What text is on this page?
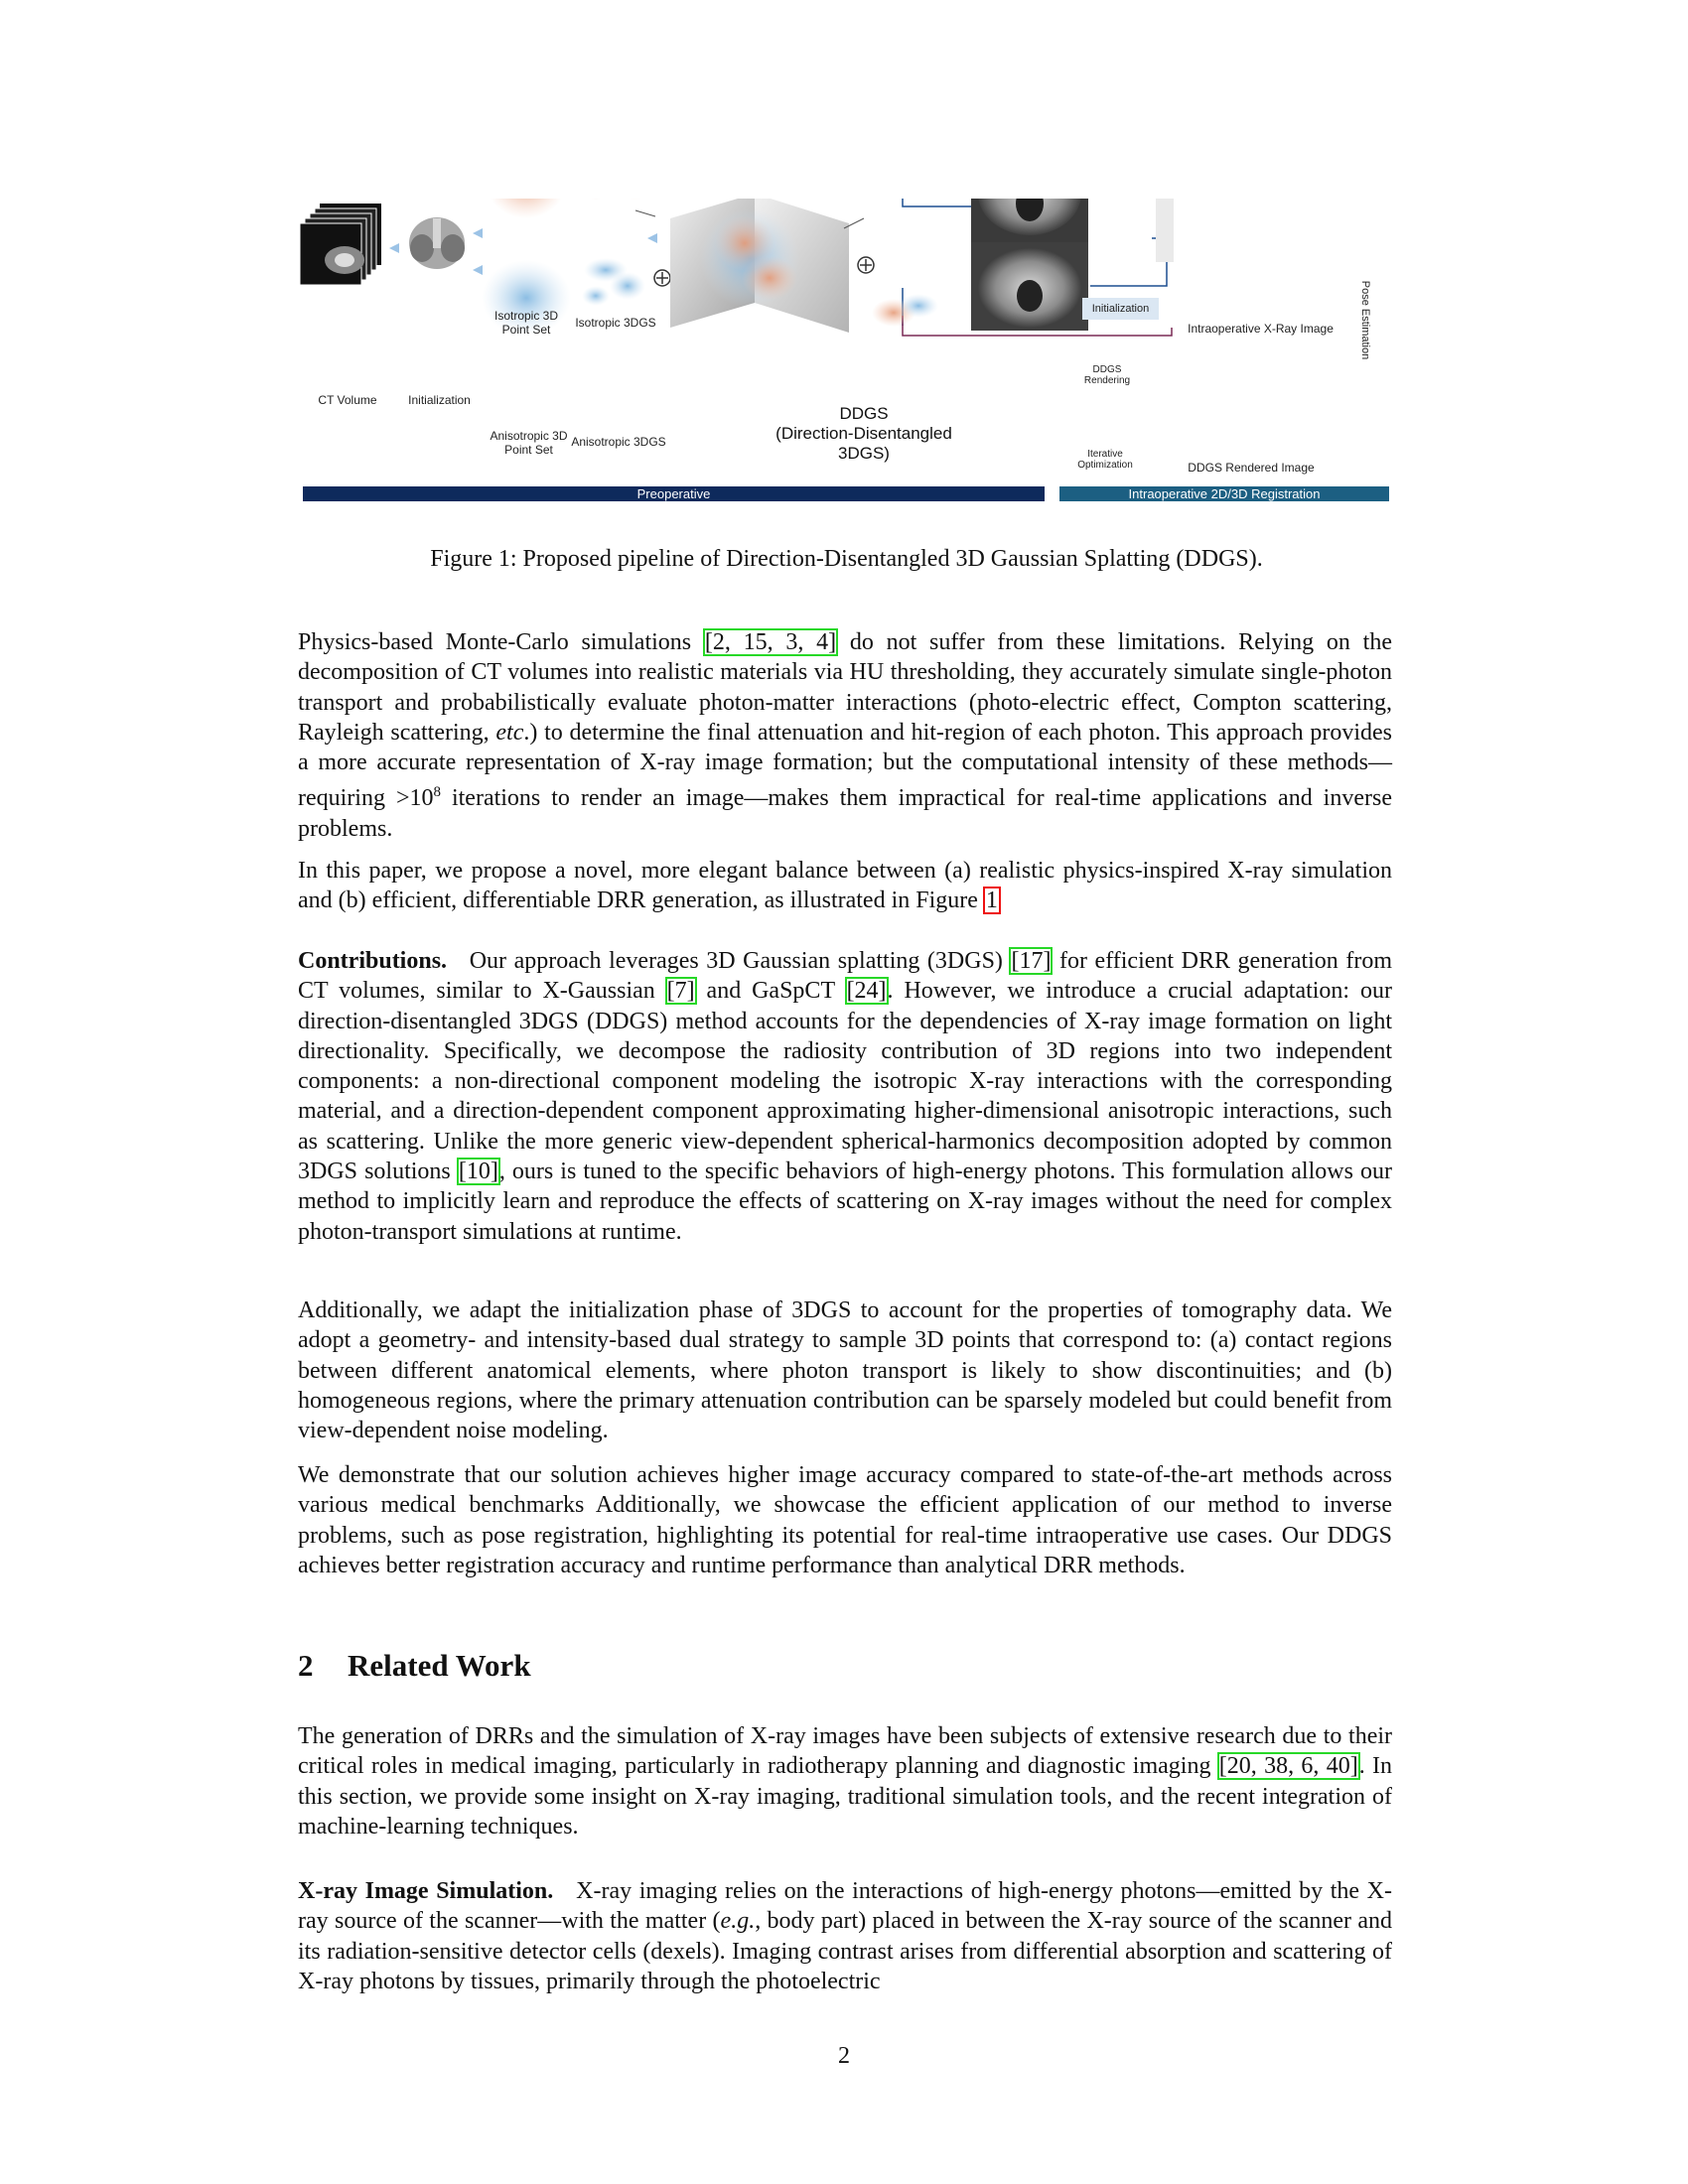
CT Volume	Initialization
Isotropic 3D Point Set	Isotropic 3DGS
Anisotropic 3D Point Set
Anisotropic 3DGS
DDGS
(Direction-Disentangled
3DGS)
Initialization
DDGS Rendering
Iterative Optimization
Intraoperative X-Ray Image
DDGS Rendered Image
Pose Estimation
Preoperative	Intraoperative 2D/3D Registration
Figure 1: Proposed pipeline of Direction-Disentangled 3D Gaussian Splatting (DDGS).

Physics-based Monte-Carlo simulations [2, 15, 3, 4] do not suffer from these limitations. Relying on the decomposition of CT volumes into realistic materials via HU thresholding, they accurately simulate single-photon transport and probabilistically evaluate photon-matter interactions (photo-electric effect, Compton scattering, Rayleigh scattering, etc.) to determine the final attenuation and hit-region of each photon. This approach provides a more accurate representation of X-ray image formation; but the computational intensity of these methods—requiring $>10^8$ iterations to render an image—makes them impractical for real-time applications and inverse problems.

In this paper, we propose a novel, more elegant balance between (a) realistic physics-inspired X-ray simulation and (b) efficient, differentiable DRR generation, as illustrated in Figure 1

Contributions. Our approach leverages 3D Gaussian splatting (3DGS) [17] for efficient DRR generation from CT volumes, similar to X-Gaussian [7] and GaSpCT [24]. However, we introduce a crucial adaptation: our direction-disentangled 3DGS (DDGS) method accounts for the dependencies of X-ray image formation on light directionality. Specifically, we decompose the radiosity contribution of 3D regions into two independent components: a non-directional component modeling the isotropic X-ray interactions with the corresponding material, and a direction-dependent component approximating higher-dimensional anisotropic interactions, such as scattering. Unlike the more generic view-dependent spherical-harmonics decomposition adopted by common 3DGS solutions [10], ours is tuned to the specific behaviors of high-energy photons. This formulation allows our method to implicitly learn and reproduce the effects of scattering on X-ray images without the need for complex photon-transport simulations at runtime.

Additionally, we adapt the initialization phase of 3DGS to account for the properties of tomography data. We adopt a geometry- and intensity-based dual strategy to sample 3D points that correspond to: (a) contact regions between different anatomical elements, where photon transport is likely to show discontinuities; and (b) homogeneous regions, where the primary attenuation contribution can be sparsely modeled but could benefit from view-dependent noise modeling.

We demonstrate that our solution achieves higher image accuracy compared to state-of-the-art methods across various medical benchmarks Additionally, we showcase the efficient application of our method to inverse problems, such as pose registration, highlighting its potential for real-time intraoperative use cases. Our DDGS achieves better registration accuracy and runtime performance than analytical DRR methods.

2 Related Work

The generation of DRRs and the simulation of X-ray images have been subjects of extensive research due to their critical roles in medical imaging, particularly in radiotherapy planning and diagnostic imaging [20, 38, 6, 40]. In this section, we provide some insight on X-ray imaging, traditional simulation tools, and the recent integration of machine-learning techniques.

X-ray Image Simulation. X-ray imaging relies on the interactions of high-energy photons—emitted by the X-ray source of the scanner—with the matter (e.g., body part) placed in between the X-ray source of the scanner and its radiation-sensitive detector cells (dexels). Imaging contrast arises from differential absorption and scattering of X-ray photons by tissues, primarily through the photoelectric

2
